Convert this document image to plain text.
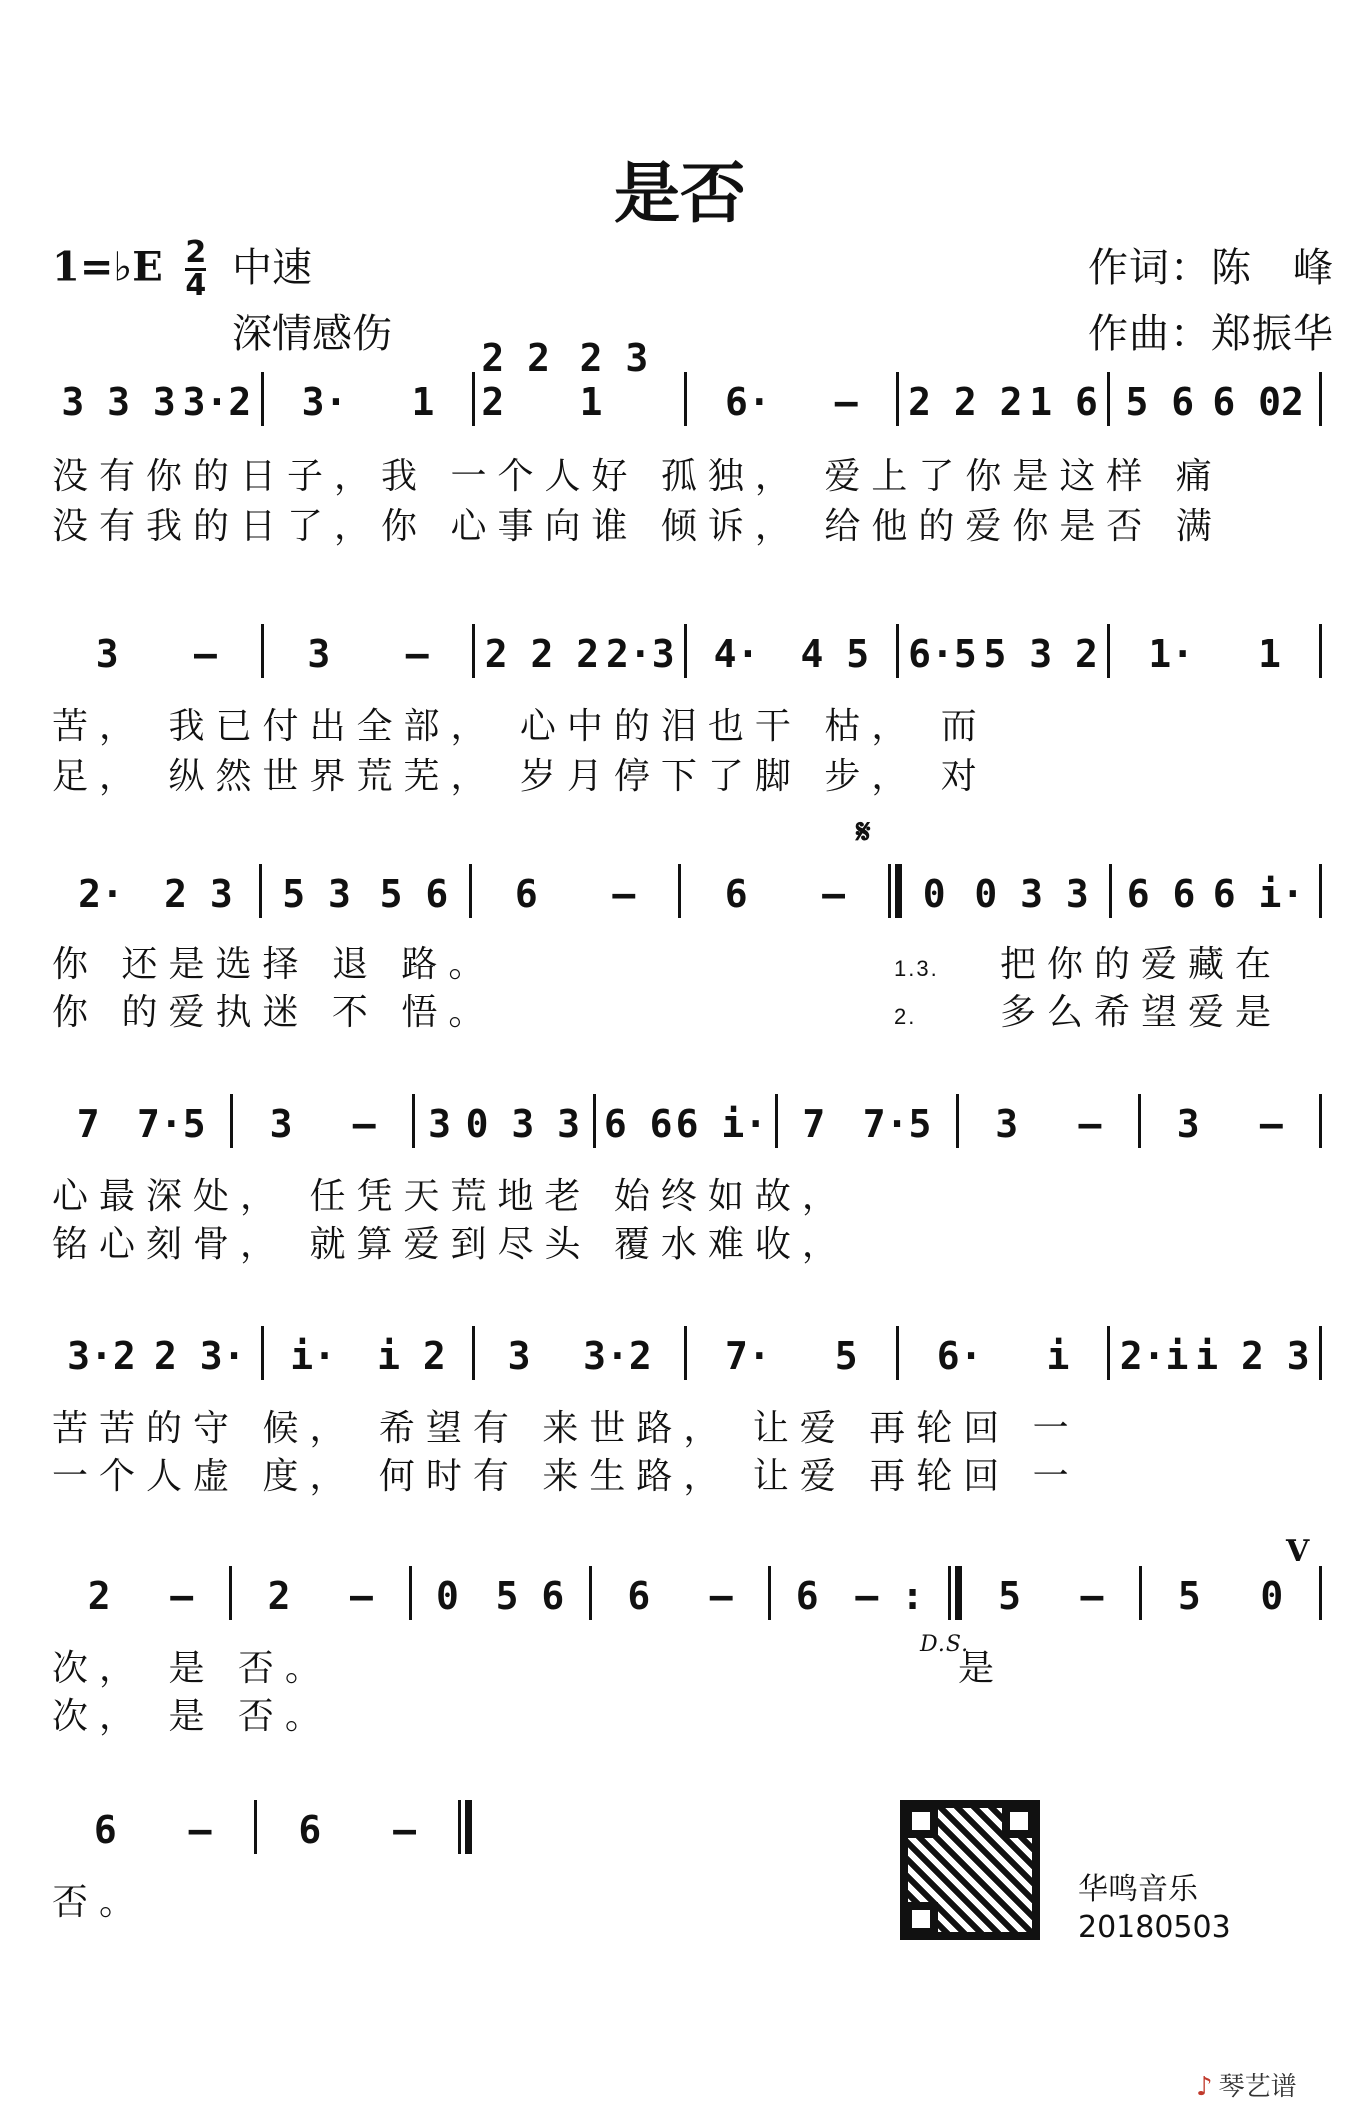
是否
1=♭E $\frac{2}{4}$ 中速
深情感伤
作词：陈　峰
作曲：郑振华
3 3 3 3·2 3· 1
2 2 2
2 3 1	6· – 2 2 2 1 6 5 6 6 02
没有你的日子，我 一个人好 孤独， 爱上了你是这样 痛
没有我的日了，你 心事向谁 倾诉， 给他的爱你是否 满
3 – 3 – 2 2 2 2·3 4· 4 5 6·5 5 3 2 1· 1
苦， 我已付出全部， 心中的泪也干 枯， 而
足， 纵然世界荒芜， 岁月停下了脚 步， 对
𝄋
2· 2 3 5 3 5 6 6 – 6 – 0 0 3 3 6 6 6 i·
你 还是选择 退 路。
你 的爱执迷 不 悟。
1.3.
2.
把你的爱藏在
多么希望爱是
7 7·5 3 – 3 0 3 3 6 6 6 i· 7 7·5 3 – 3 –
心最深处， 任凭天荒地老 始终如故，
铭心刻骨， 就算爱到尽头 覆水难收，
3·2 2 3· i· i 2 3 3·2 7· 5 6· i 2·i i 2 3
苦苦的守 候， 希望有 来世路， 让爱 再轮回 一
一个人虚 度， 何时有 来生路， 让爱 再轮回 一
V
2 – 2 – 0 5 6 6 – 6 – : 5 – 5 0
次， 是 否。
次， 是 否。
D.S.
是
6 – 6 –
否。	华鸣音乐
20180503
♪ 琴艺谱
